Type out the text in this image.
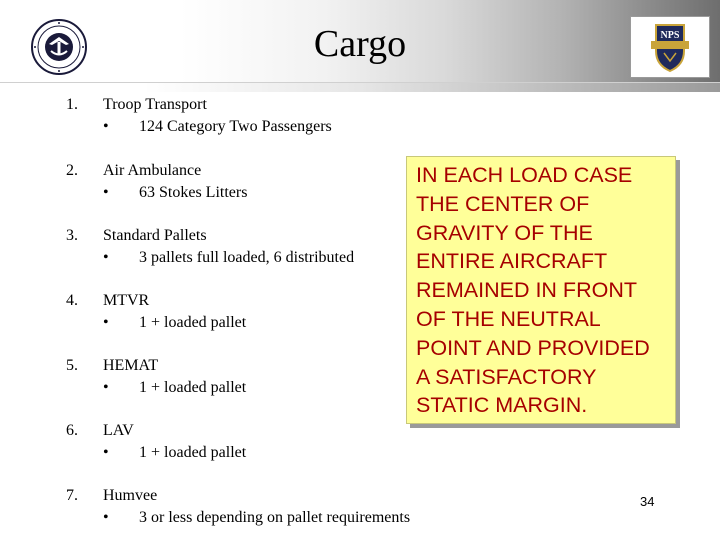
NPS
Cargo
1. Troop Transport
• 124 Category Two Passengers
2. Air Ambulance
• 63 Stokes Litters
3. Standard Pallets
• 3 pallets full loaded, 6 distributed
4. MTVR
• 1 + loaded pallet
5. HEMAT
• 1 + loaded pallet
6. LAV
• 1 + loaded pallet
7. Humvee
• 3 or less depending on pallet requirements
IN EACH LOAD CASE
THE CENTER OF
GRAVITY OF THE
ENTIRE AIRCRAFT
REMAINED IN FRONT
OF THE NEUTRAL
POINT AND PROVIDED
A SATISFACTORY
STATIC MARGIN.
34
